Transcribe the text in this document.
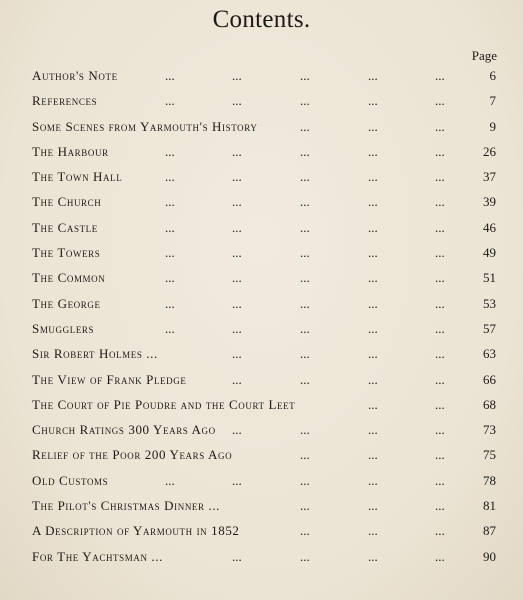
Contents.
Page
Author's Note	6
...	...	...	...	...
References	7
...	...	...	...	...
Some Scenes from Yarmouth's History	9
...	...	...
The Harbour	26
...	...	...	...	...
The Town Hall	37
...	...	...	...	...
The Church	39
...	...	...	...	...
The Castle	46
...	...	...	...	...
The Towers	49
...	...	...	...	...
The Common	51
...	...	...	...	...
The George	53
...	...	...	...	...
Smugglers	57
...	...	...	...	...
Sir Robert Holmes ...	63
...	...	...	...
The View of Frank Pledge	66
...	...	...	...
The Court of Pie Poudre and the Court Leet	68
...	...
Church Ratings 300 Years Ago	73
...	...	...	...
Relief of the Poor 200 Years Ago	75
...	...	...
Old Customs	78
...	...	...	...	...
The Pilot's Christmas Dinner ...	81
...	...	...
A Description of Yarmouth in 1852	87
...	...	...
For The Yachtsman ...	90
...	...	...	...
